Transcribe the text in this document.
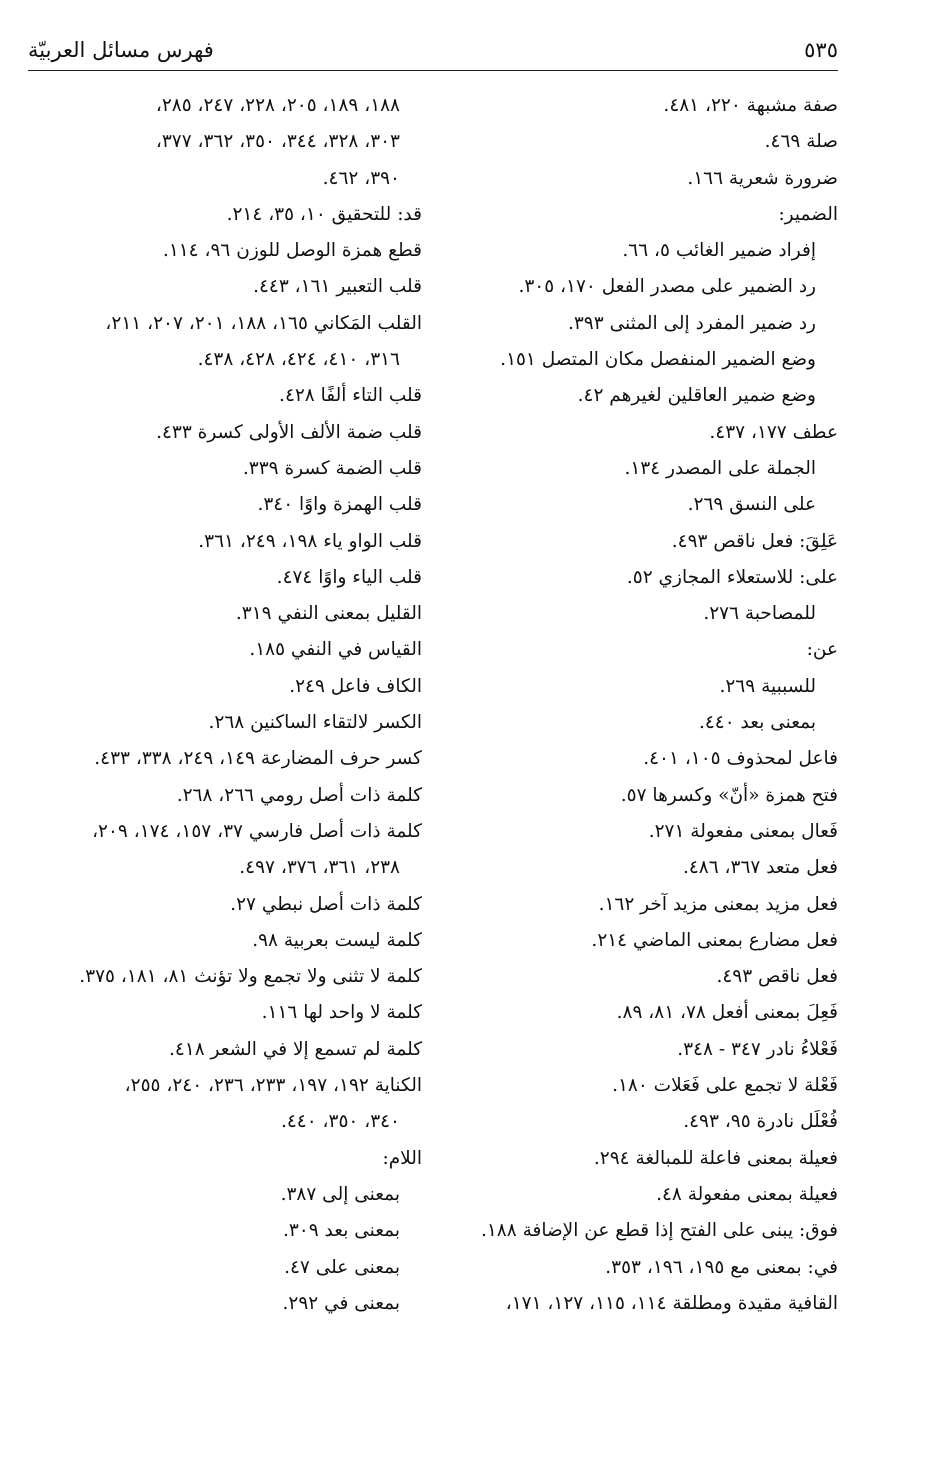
٥٣٥
فهرس مسائل العربيّة
صفة مشبهة ٢٢٠، ٤٨١.
صلة ٤٦٩.
ضرورة شعرية ١٦٦.
الضمير:
إفراد ضمير الغائب ٥، ٦٦.
رد الضمير على مصدر الفعل ١٧٠، ٣٠٥.
رد ضمير المفرد إلى المثنى ٣٩٣.
وضع الضمير المنفصل مكان المتصل ١٥١.
وضع ضمير العاقلين لغيرهم ٤٢.
عطف ١٧٧، ٤٣٧.
الجملة على المصدر ١٣٤.
على النسق ٢٦٩.
عَلِقَ: فعل ناقص ٤٩٣.
على: للاستعلاء المجازي ٥٢.
للمصاحبة ٢٧٦.
عن:
للسببية ٢٦٩.
بمعنى بعد ٤٤٠.
فاعل لمحذوف ١٠٥، ٤٠١.
فتح همزة «أنّ» وكسرها ٥٧.
فَعال بمعنى مفعولة ٢٧١.
فعل متعد ٣٦٧، ٤٨٦.
فعل مزيد بمعنى مزيد آخر ١٦٢.
فعل مضارع بمعنى الماضي ٢١٤.
فعل ناقص ٤٩٣.
فَعِلَ بمعنى أفعل ٧٨، ٨١، ٨٩.
فَعْلاءُ نادر ٣٤٧ - ٣٤٨.
فَعْلة لا تجمع على فَعَلات ١٨٠.
فُعْلَل نادرة ٩٥، ٤٩٣.
فعيلة بمعنى فاعلة للمبالغة ٢٩٤.
فعيلة بمعنى مفعولة ٤٨.
فوق: يبنى على الفتح إذا قطع عن الإضافة ١٨٨.
في: بمعنى مع ١٩٥، ١٩٦، ٣٥٣.
القافية مقيدة ومطلقة ١١٤، ١١٥، ١٢٧، ١٧١،
١٨٨، ١٨٩، ٢٠٥، ٢٢٨، ٢٤٧، ٢٨٥،
٣٠٣، ٣٢٨، ٣٤٤، ٣٥٠، ٣٦٢، ٣٧٧،
٣٩٠، ٤٦٢.
قد: للتحقيق ١٠، ٣٥، ٢١٤.
قطع همزة الوصل للوزن ٩٦، ١١٤.
قلب التعبير ١٦١، ٤٤٣.
القلب المَكاني ١٦٥، ١٨٨، ٢٠١، ٢٠٧، ٢١١،
٣١٦، ٤١٠، ٤٢٤، ٤٢٨، ٤٣٨.
قلب التاء ألفًا ٤٢٨.
قلب ضمة الألف الأولى كسرة ٤٣٣.
قلب الضمة كسرة ٣٣٩.
قلب الهمزة واوًا ٣٤٠.
قلب الواو ياء ١٩٨، ٢٤٩، ٣٦١.
قلب الياء واوًا ٤٧٤.
القليل بمعنى النفي ٣١٩.
القياس في النفي ١٨٥.
الكاف فاعل ٢٤٩.
الكسر لالتقاء الساكنين ٢٦٨.
كسر حرف المضارعة ١٤٩، ٢٤٩، ٣٣٨، ٤٣٣.
كلمة ذات أصل رومي ٢٦٦، ٢٦٨.
كلمة ذات أصل فارسي ٣٧، ١٥٧، ١٧٤، ٢٠٩،
٢٣٨، ٣٦١، ٣٧٦، ٤٩٧.
كلمة ذات أصل نبطي ٢٧.
كلمة ليست بعربية ٩٨.
كلمة لا تثنى ولا تجمع ولا تؤنث ٨١، ١٨١، ٣٧٥.
كلمة لا واحد لها ١١٦.
كلمة لم تسمع إلا في الشعر ٤١٨.
الكناية ١٩٢، ١٩٧، ٢٣٣، ٢٣٦، ٢٤٠، ٢٥٥،
٣٤٠، ٣٥٠، ٤٤٠.
اللام:
بمعنى إلى ٣٨٧.
بمعنى بعد ٣٠٩.
بمعنى على ٤٧.
بمعنى في ٢٩٢.
